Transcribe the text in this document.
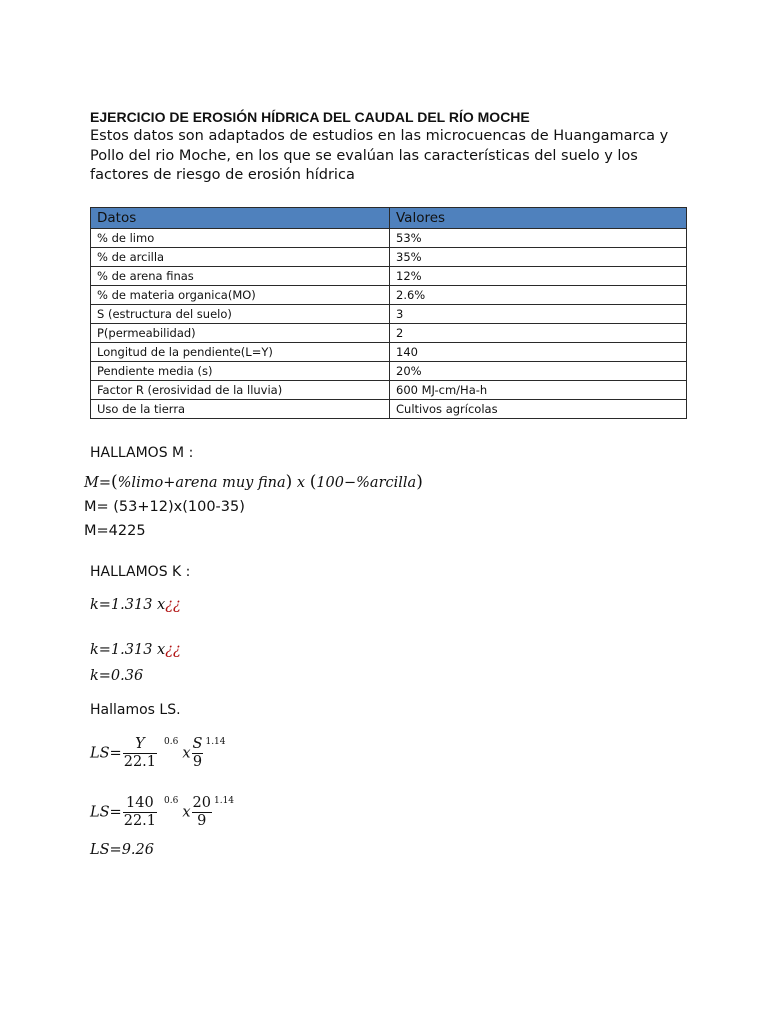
EJERCICIO DE EROSIÓN HÍDRICA DEL CAUDAL DEL RÍO MOCHE
Estos datos son adaptados de estudios en las microcuencas de Huangamarca y
Pollo del rio Moche, en los que se evalúan las características del suelo y los
factores de riesgo de erosión hídrica
Datos	Valores
% de limo	53%
% de arcilla	35%
% de arena finas	12%
% de materia organica(MO)	2.6%
S (estructura del suelo)	3
P(permeabilidad)	2
Longitud de la pendiente(L=Y)	140
Pendiente media (s)	20%
Factor R (erosividad de la lluvia)	600 MJ-cm/Ha-h
Uso de la tierra	Cultivos agrícolas
HALLAMOS M :
M=(%limo+arena muy fina) x (100−%arcilla)
M= (53+12)x(100-35)
M=4225
HALLAMOS K :
k=1.313 x¿¿
k=1.313 x¿¿
k=0.36
Hallamos LS.
$LS= \frac{Y}{22.1} ^{0.6}x \frac{S}{9} ^{1.14}$
$LS= \frac{140}{22.1} ^{0.6}x \frac{20}{9} ^{1.14}$
LS=9.26
